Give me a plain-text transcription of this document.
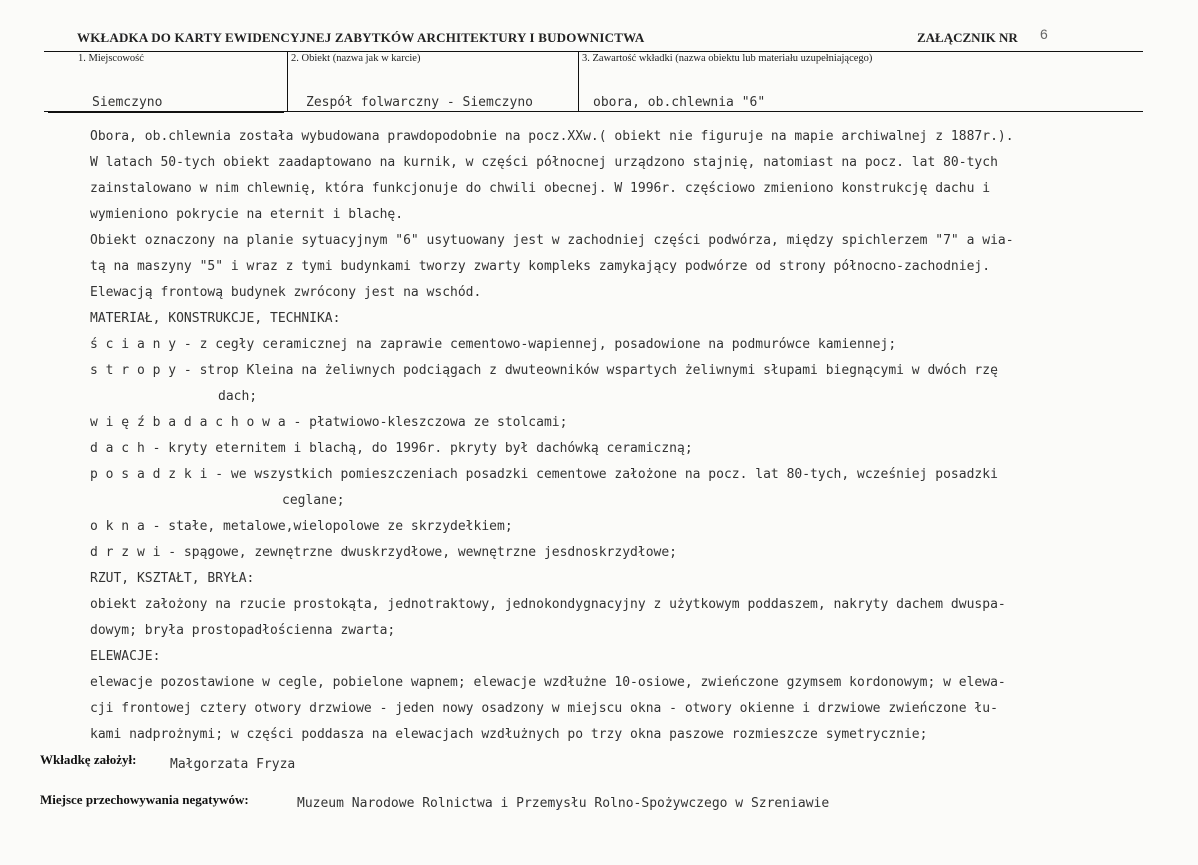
WKŁADKA DO KARTY EWIDENCYJNEJ ZABYTKÓW ARCHITEKTURY I BUDOWNICTWA	ZAŁĄCZNIK NR 6
1. Miejscowość	2. Obiekt (nazwa jak w karcie)	3. Zawartość wkładki (nazwa obiektu lub materiału uzupełniającego)
Siemczyno	Zespół folwarczny - Siemczyno	obora, ob.chlewnia "6"
Obora, ob.chlewnia została wybudowana prawdopodobnie na pocz.XXw.( obiekt nie figuruje na mapie archiwalnej z 1887r.).
W latach 50-tych obiekt zaadaptowano na kurnik, w części północnej urządzono stajnię, natomiast na pocz. lat 80-tych
zainstalowano w nim chlewnię, która funkcjonuje do chwili obecnej. W 1996r. częściowo zmieniono konstrukcję dachu i
wymieniono pokrycie na eternit i blachę.
Obiekt oznaczony na planie sytuacyjnym "6" usytuowany jest w zachodniej części podwórza, między spichlerzem "7" a wia-
tą na maszyny "5" i wraz z tymi budynkami tworzy zwarty kompleks zamykający podwórze od strony północno-zachodniej.
Elewacją frontową budynek zwrócony jest na wschód.
MATERIAŁ, KONSTRUKCJE, TECHNIKA:
ś c i a n y - z cegły ceramicznej na zaprawie cementowo-wapiennej, posadowione na podmurówce kamiennej;
s t r o p y - strop Kleina na żeliwnych podciągach z dwuteowników wspartych żeliwnymi słupami biegnącymi w dwóch rzę
dach;
w i ę ź b a d a c h o w a - płatwiowo-kleszczowa ze stolcami;
d a c h - kryty eternitem i blachą, do 1996r. pkryty był dachówką ceramiczną;
p o s a d z k i - we wszystkich pomieszczeniach posadzki cementowe założone na pocz. lat 80-tych, wcześniej posadzki
ceglane;
o k n a - stałe, metalowe,wielopolowe ze skrzydełkiem;
d r z w i - spągowe, zewnętrzne dwuskrzydłowe, wewnętrzne jesdnoskrzydłowe;
RZUT, KSZTAŁT, BRYŁA:
obiekt założony na rzucie prostokąta, jednotraktowy, jednokondygnacyjny z użytkowym poddaszem, nakryty dachem dwuspa-
dowym; bryła prostopadłościenna zwarta;
ELEWACJE:
elewacje pozostawione w cegle, pobielone wapnem; elewacje wzdłużne 10-osiowe, zwieńczone gzymsem kordonowym; w elewa-
cji frontowej cztery otwory drzwiowe - jeden nowy osadzony w miejscu okna - otwory okienne i drzwiowe zwieńczone łu-
kami nadprożnymi; w części poddasza na elewacjach wzdłużnych po trzy okna paszowe rozmieszcze symetrycznie;
Wkładkę założył:	Małgorzata Fryza
Miejsce przechowywania negatywów:	Muzeum Narodowe Rolnictwa i Przemysłu Rolno-Spożywczego w Szreniawie
